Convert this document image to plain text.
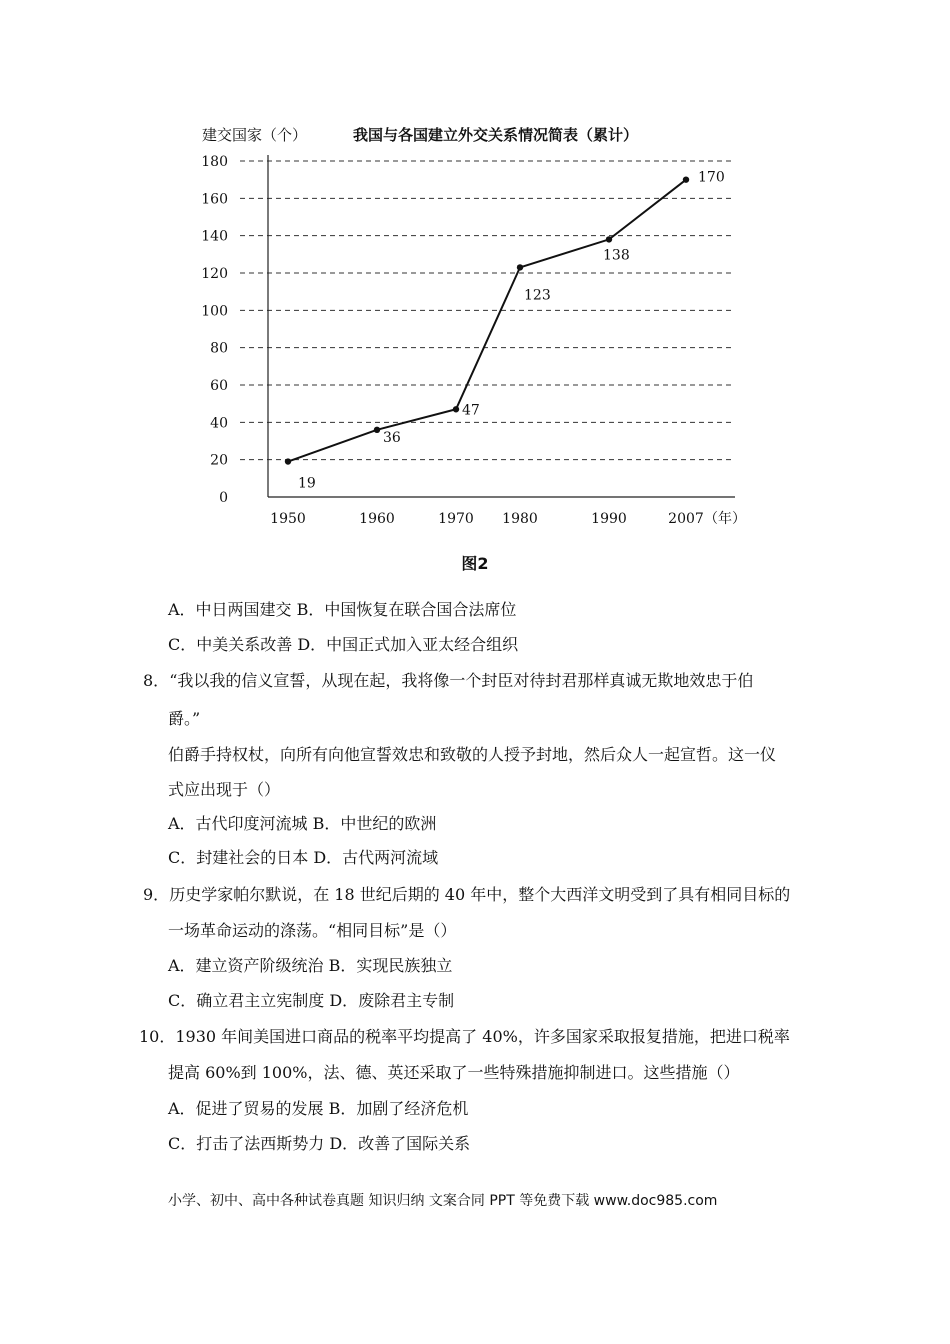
建交国家（个）	我国与各国建立外交关系情况简表（累计）
0
20
40
60
80
100
120
140
160
180
1950	1960	1970 1980	1990	2007 （年）
19
36
47
123
138
170
图2
A．中日两国建交 B．中国恢复在联合国合法席位
C．中美关系改善 D．中国正式加入亚太经合组织
8．“我以我的信义宣誓，从现在起，我将像一个封臣对待封君那样真诚无欺地效忠于伯
爵。”
伯爵手持权杖，向所有向他宣誓效忠和致敬的人授予封地，然后众人一起宣哲。这一仪
式应出现于（）
A．古代印度河流城 B．中世纪的欧洲
C．封建社会的日本 D．古代两河流域
9．历史学家帕尔默说，在 18 世纪后期的 40 年中，整个大西洋文明受到了具有相同目标的
一场革命运动的涤荡。“相同目标”是（）
A．建立资产阶级统治 B．实现民族独立
C．确立君主立宪制度 D．废除君主专制
10．1930 年间美国进口商品的税率平均提高了 40%，许多国家采取报复措施，把进口税率
提高 60%到 100%，法、德、英还采取了一些特殊措施抑制进口。这些措施（）
A．促进了贸易的发展 B．加剧了经济危机
C．打击了法西斯势力 D．改善了国际关系
小学、初中、高中各种试卷真题 知识归纳 文案合同 PPT 等免费下载 www.doc985.com
